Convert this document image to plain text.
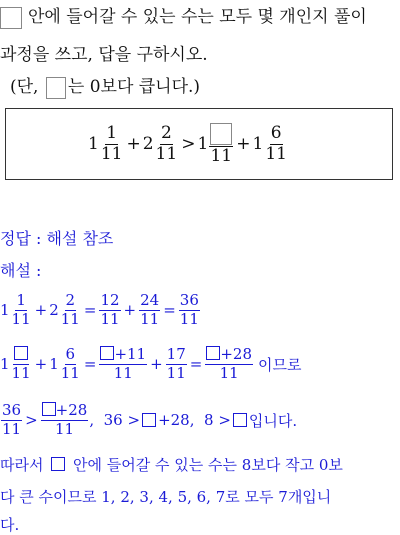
안에 들어갈 수 있는 수는 모두 몇 개인지 풀이
과정을 쓰고, 답을 구하시오.
(단, 는 0보다 큽니다.)
$1 \frac{1}{11} + 2 \frac{2}{11} > 1$
11
+ $1 \frac{6}{11}$
정답 : 해설 참조
해설 :
$1 \frac{1}{11} + 2 \frac{2}{11} = \frac{12}{11} + \frac{24}{11} = \frac{36}{11}$
1 $11 + 1 \frac{6}{11} = \frac{+11}{11} + \frac{17}{11} = \frac{+28}{11}$ 이므로
$\frac{36}{11} > \frac{+28}{11}$ ,  36 > +28,  8 > 입니다.
따라서 안에 들어갈 수 있는 수는 8보다 작고 0보
다 큰 수이므로 1, 2, 3, 4, 5, 6, 7로 모두 7개입니
다.
